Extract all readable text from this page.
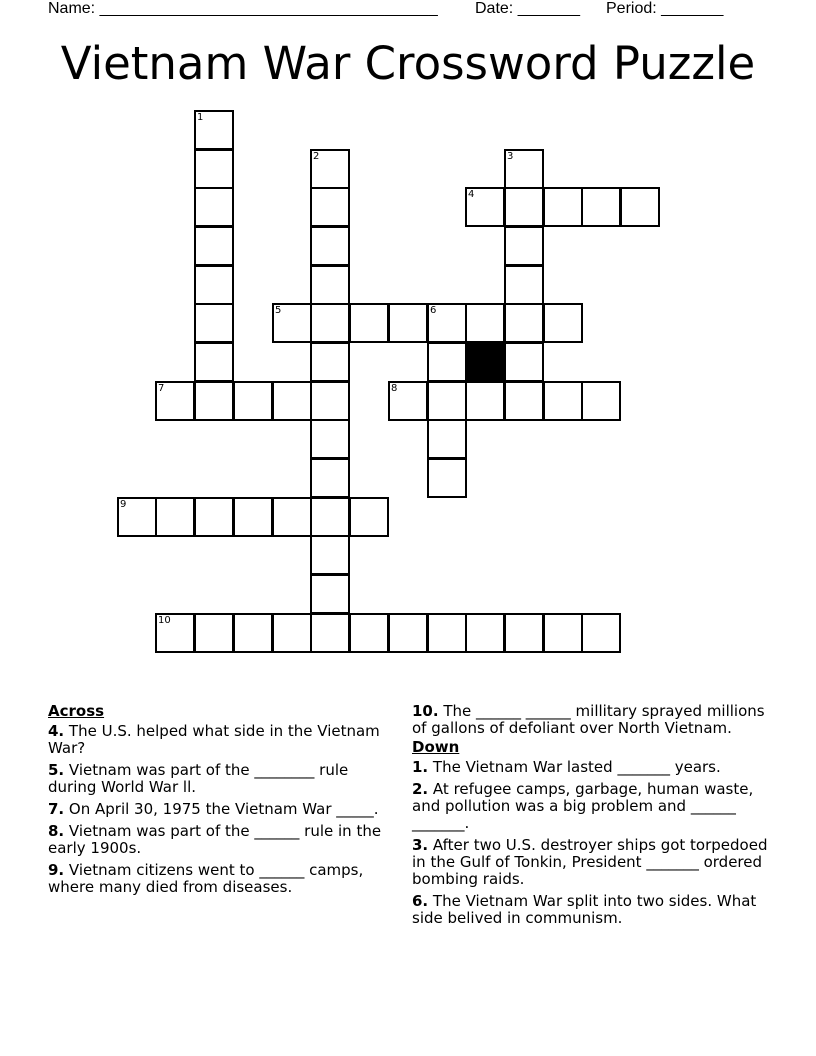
Name: ______________________________________ Date: _______ Period: _______
Vietnam War Crossword Puzzle
1
2	3
4
5	6
7	8
9
10
Across
4. The U.S. helped what side in the Vietnam War?
5. Vietnam was part of the ________ rule during World War ll.
7. On April 30, 1975 the Vietnam War _____.
8. Vietnam was part of the ______ rule in the early 1900s.
9. Vietnam citizens went to ______ camps, where many died from diseases.
10. The ______ ______ millitary sprayed millions of gallons of defoliant over North Vietnam.
Down
1. The Vietnam War lasted _______ years.
2. At refugee camps, garbage, human waste, and pollution was a big problem and ______ _______.
3. After two U.S. destroyer ships got torpedoed in the Gulf of Tonkin, President _______ ordered bombing raids.
6. The Vietnam War split into two sides. What side belived in communism.
